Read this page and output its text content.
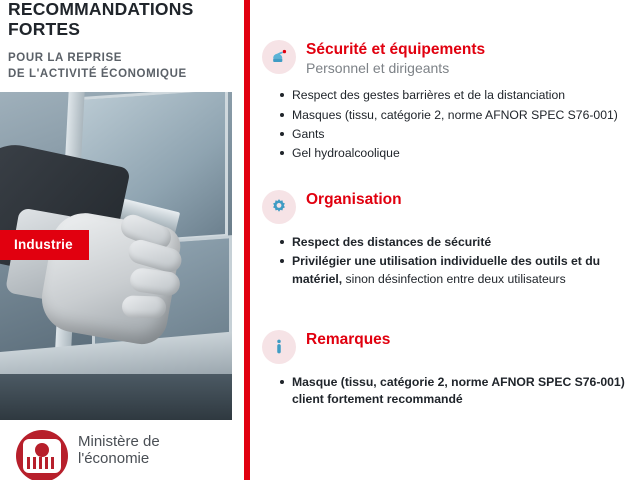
RECOMMANDATIONS
FORTES
POUR LA REPRISE
DE L'ACTIVITÉ ÉCONOMIQUE
Industrie
Ministère de
l'économie
Sécurité et équipements
Personnel et dirigeants
Respect des gestes barrières et de la distanciation
Masques (tissu, catégorie 2, norme AFNOR SPEC S76-001)
Gants
Gel hydroalcoolique
Organisation
Respect des distances de sécurité
Privilégier une utilisation individuelle des outils et du matériel, sinon désinfection entre deux utilisateurs
Remarques
Masque (tissu, catégorie 2, norme AFNOR SPEC S76-001) client fortement recommandé
